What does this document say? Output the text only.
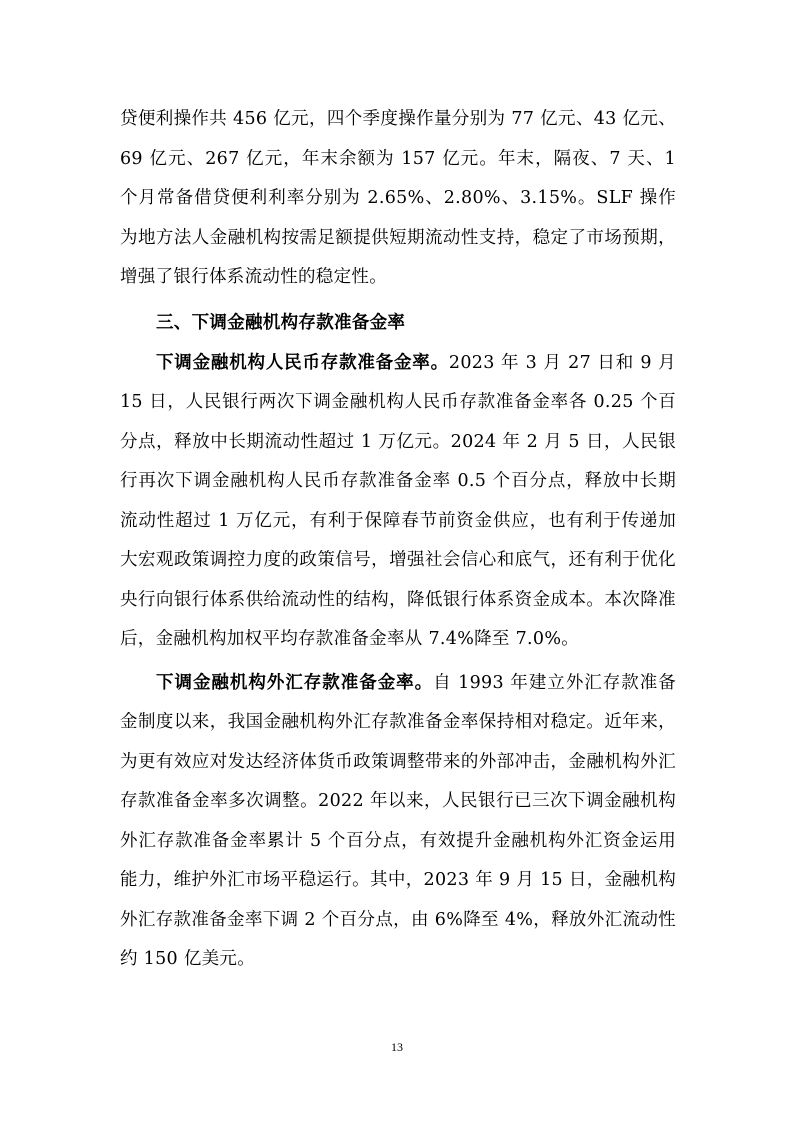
贷便利操作共 456 亿元，四个季度操作量分别为 77 亿元、43 亿元、69 亿元、267 亿元，年末余额为 157 亿元。年末，隔夜、7 天、1 个月常备借贷便利利率分别为 2.65%、2.80%、3.15%。SLF 操作为地方法人金融机构按需足额提供短期流动性支持，稳定了市场预期，增强了银行体系流动性的稳定性。

三、下调金融机构存款准备金率

下调金融机构人民币存款准备金率。2023 年 3 月 27 日和 9 月 15 日，人民银行两次下调金融机构人民币存款准备金率各 0.25 个百分点，释放中长期流动性超过 1 万亿元。2024 年 2 月 5 日，人民银行再次下调金融机构人民币存款准备金率 0.5 个百分点，释放中长期流动性超过 1 万亿元，有利于保障春节前资金供应，也有利于传递加大宏观政策调控力度的政策信号，增强社会信心和底气，还有利于优化央行向银行体系供给流动性的结构，降低银行体系资金成本。本次降准后，金融机构加权平均存款准备金率从 7.4%降至 7.0%。

下调金融机构外汇存款准备金率。自 1993 年建立外汇存款准备金制度以来，我国金融机构外汇存款准备金率保持相对稳定。近年来，为更有效应对发达经济体货币政策调整带来的外部冲击，金融机构外汇存款准备金率多次调整。2022 年以来，人民银行已三次下调金融机构外汇存款准备金率累计 5 个百分点，有效提升金融机构外汇资金运用能力，维护外汇市场平稳运行。其中，2023 年 9 月 15 日，金融机构外汇存款准备金率下调 2 个百分点，由 6%降至 4%，释放外汇流动性约 150 亿美元。

13
